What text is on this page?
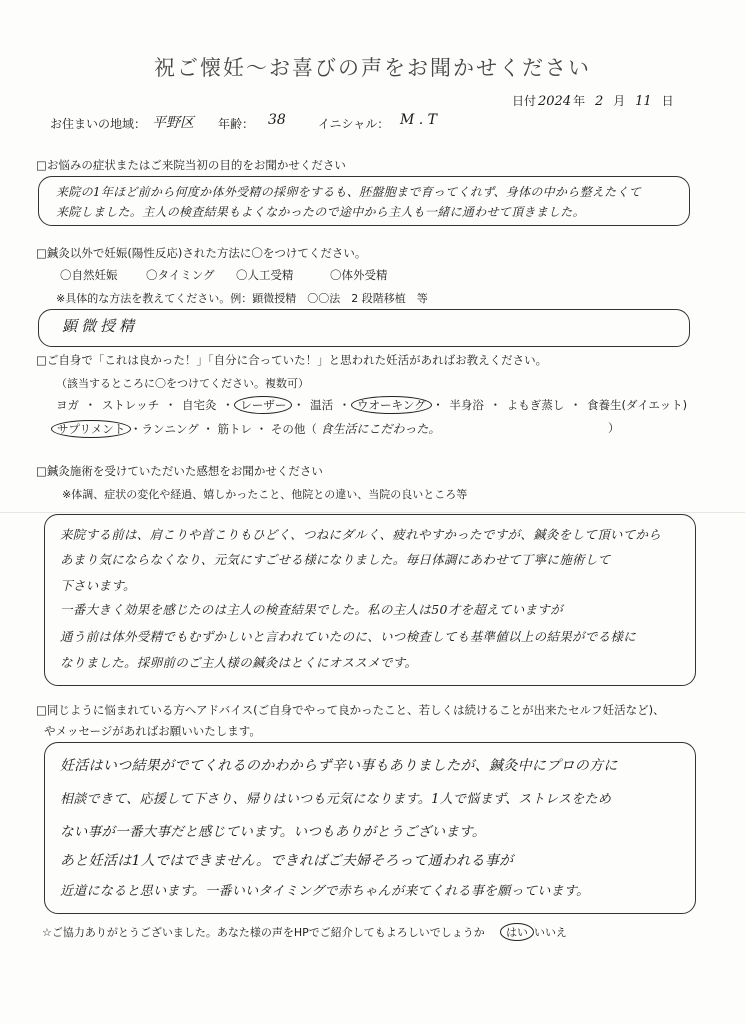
祝ご懐妊～お喜びの声をお聞かせください
日付 2024 年 2 月 11 日
お住まいの地域： 平野区 年齢： 38	イニシャル： M . T
□お悩みの症状またはご来院当初の目的をお聞かせください
来院の1年ほど前から何度か体外受精の採卵をするも、胚盤胞まで育ってくれず、身体の中から整えたくて
来院しました。主人の検査結果もよくなかったので途中から主人も一緒に通わせて頂きました。
□鍼灸以外で妊娠(陽性反応)された方法に〇をつけてください。
〇自然妊娠 〇タイミング 〇人工受精	〇体外受精
※具体的な方法を教えてください。例：顕微授精　〇〇法　2 段階移植　等
顕微授精
□ご自身で「これは良かった！」「自分に合っていた！」と思われた妊活があればお教えください。
（該当するところに〇をつけてください。複数可）
ヨガ ・ ストレッチ ・ 自宅灸 ・ レーザー ・ 温活 ・ ウオーキング ・ 半身浴 ・ よもぎ蒸し ・ 食養生(ダイエット)
サプリメント ・ランニング ・ 筋トレ ・ その他（ 食生活にこだわった。	）
□鍼灸施術を受けていただいた感想をお聞かせください
※体調、症状の変化や経過、嬉しかったこと、他院との違い、当院の良いところ等
来院する前は、肩こりや首こりもひどく、つねにダルく、疲れやすかったですが、鍼灸をして頂いてから
あまり気にならなくなり、元気にすごせる様になりました。毎日体調にあわせて丁寧に施術して
下さいます。
一番大きく効果を感じたのは主人の検査結果でした。私の主人は50才を超えていますが
通う前は体外受精でもむずかしいと言われていたのに、いつ検査しても基準値以上の結果がでる様に
なりました。採卵前のご主人様の鍼灸はとくにオススメです。
□同じように悩まれている方へアドバイス(ご自身でやって良かったこと、若しくは続けることが出来たセルフ妊活など)、
やメッセージがあればお願いいたします。
妊活はいつ結果がでてくれるのかわからず辛い事もありましたが、鍼灸中にプロの方に
相談できて、応援して下さり、帰りはいつも元気になります。1人で悩まず、ストレスをため
ない事が一番大事だと感じています。いつもありがとうございます。
あと妊活は1人ではできません。できればご夫婦そろって通われる事が
近道になると思います。一番いいタイミングで赤ちゃんが来てくれる事を願っています。
☆ご協力ありがとうございました。あなた様の声をHPでご紹介してもよろしいでしょうか	はい いいえ
